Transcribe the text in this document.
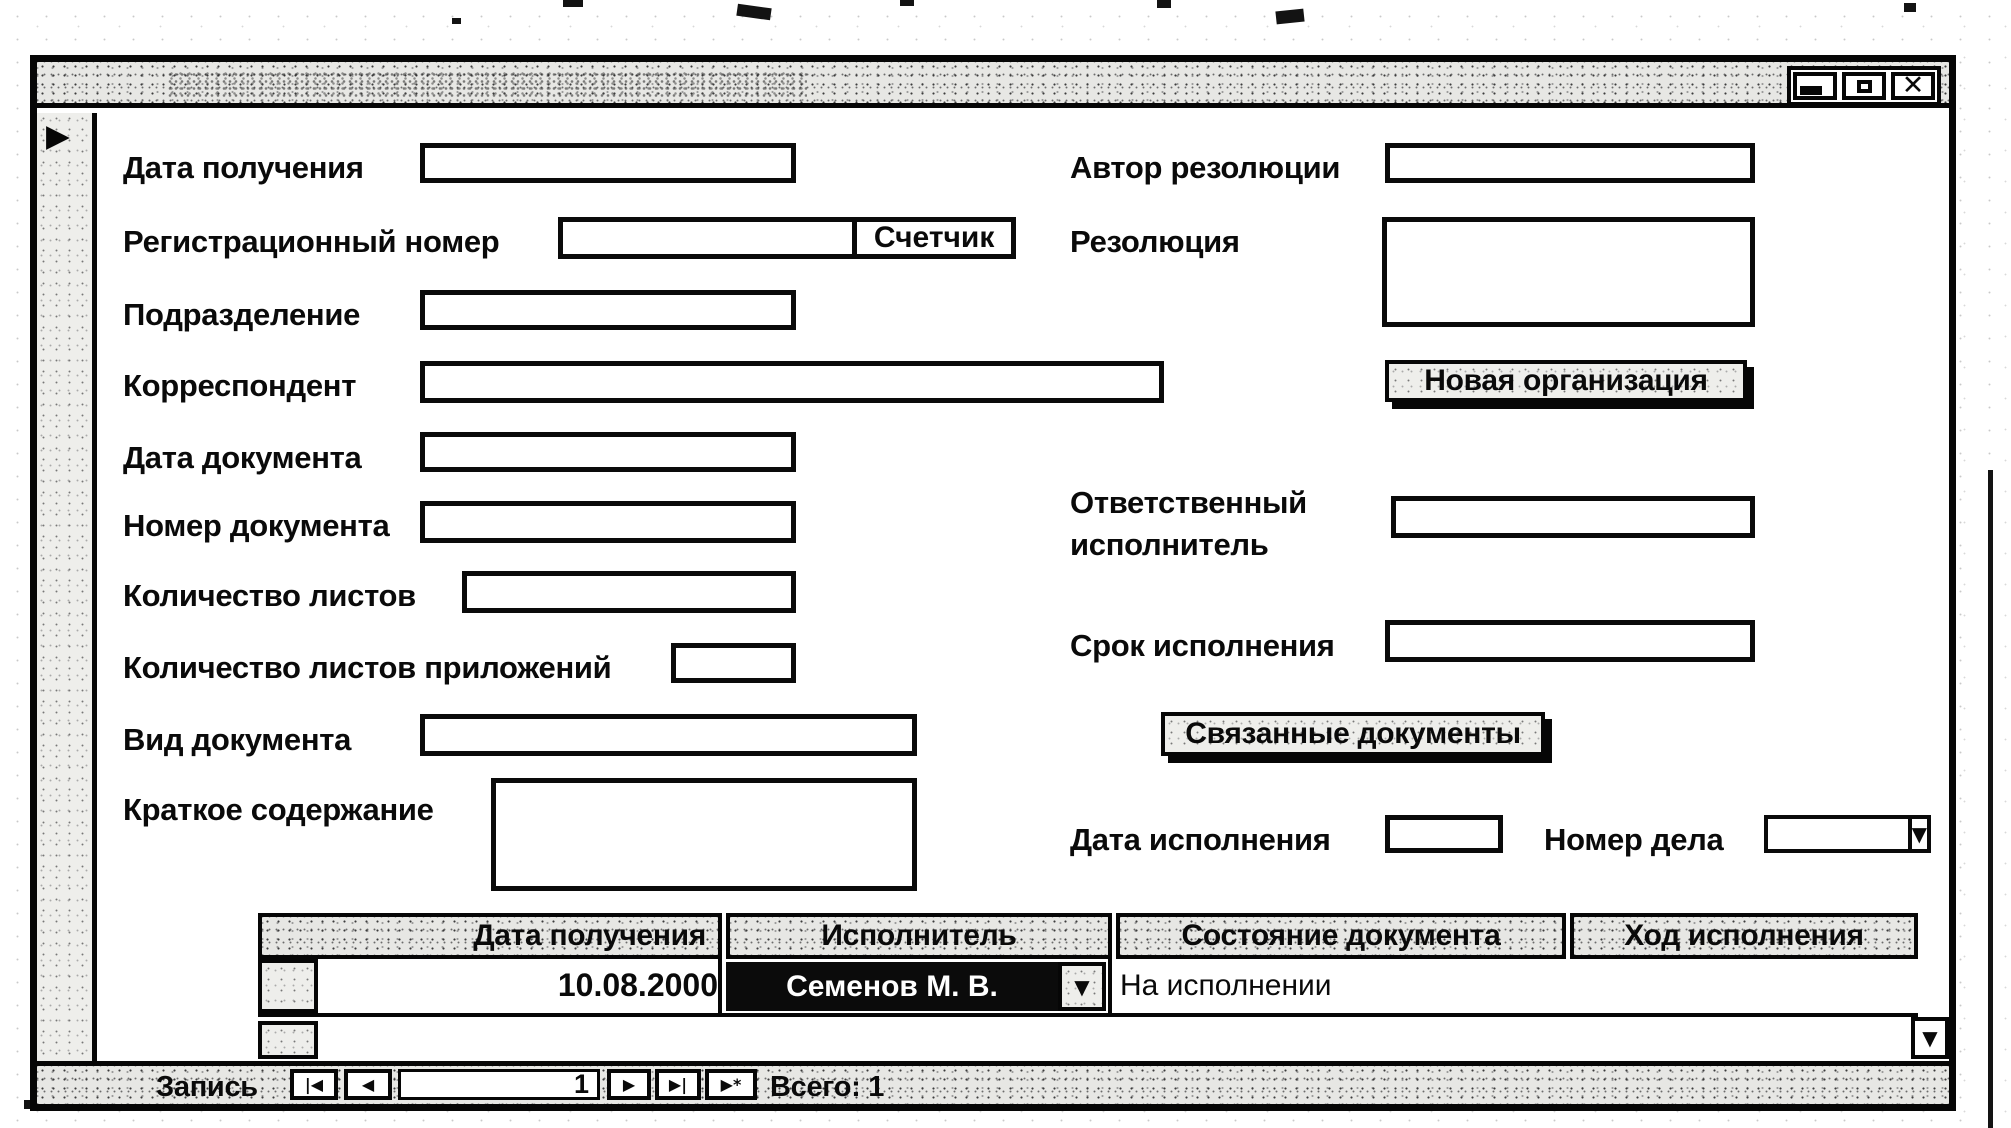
✕
▶
Дата получения
Регистрационный номер	Счетчик
Подразделение
Корреспондент
Дата документа
Номер документа
Количество листов
Количество листов приложений
Вид документа
Краткое содержание
Автор резолюции
Резолюция
Новая организация
Ответственный исполнитель
Срок исполнения
Связанные документы
Дата исполнения	Номер дела	▼
Дата получения	Исполнитель	Состояние документа	Ход исполнения
10.08.2000	Семенов М. В.	▼ На исполнении
▼
Запись	|◀	◀	1	▶	▶|	▶* Всего: 1
